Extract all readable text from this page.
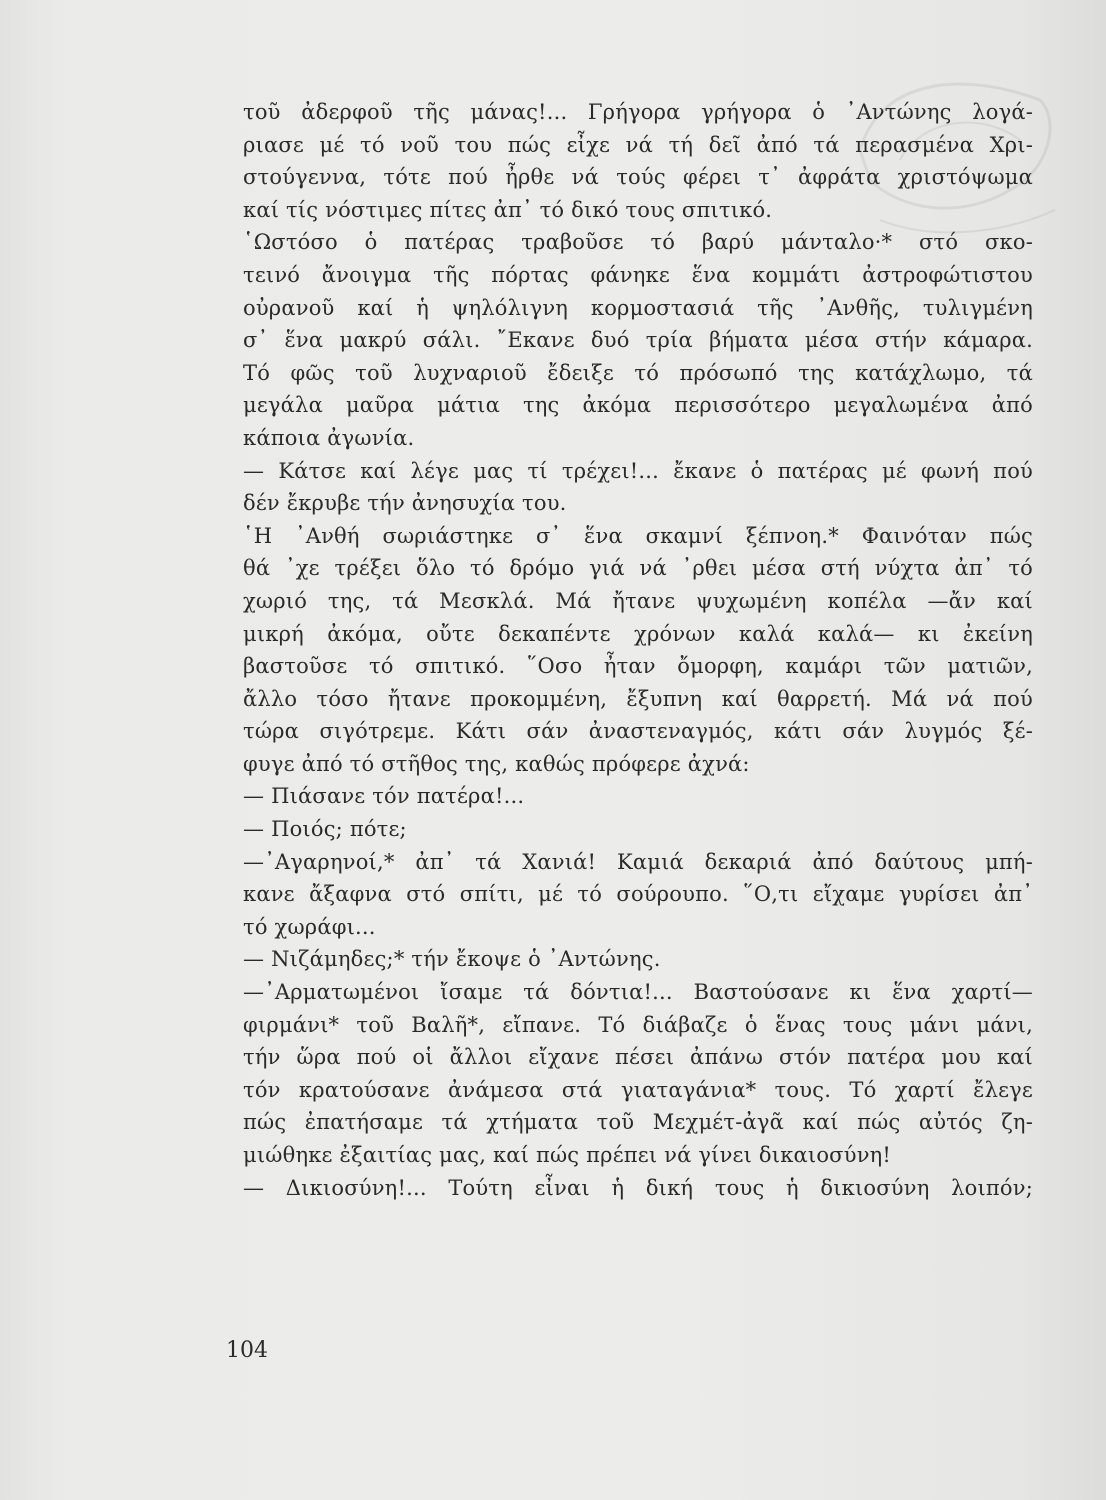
τοῦ ἀδερφοῦ τῆς μάνας!... Γρήγορα γρήγορα ὁ ᾿Αντώνης λογά-
ριασε μέ τό νοῦ του πώς εἶχε νά τή δεῖ ἀπό τά περασμένα Χρι-
στούγεννα, τότε πού ἦρθε νά τούς φέρει τ᾿ ἀφράτα χριστόψωμα
καί τίς νόστιμες πίτες ἀπ᾿ τό δικό τους σπιτικό.
῾Ωστόσο ὁ πατέρας τραβοῦσε τό βαρύ μάνταλο·* στό σκο-
τεινό ἄνοιγμα τῆς πόρτας φάνηκε ἕνα κομμάτι ἀστροφώτιστου
οὐρανοῦ καί ἡ ψηλόλιγνη κορμοστασιά τῆς ᾿Ανθῆς, τυλιγμένη
σ᾿ ἕνα μακρύ σάλι. ῎Εκανε δυό τρία βήματα μέσα στήν κάμαρα.
Τό φῶς τοῦ λυχναριοῦ ἔδειξε τό πρόσωπό της κατάχλωμο, τά
μεγάλα μαῦρα μάτια της ἀκόμα περισσότερο μεγαλωμένα ἀπό
κάποια ἀγωνία.
— Κάτσε καί λέγε μας τί τρέχει!... ἔκανε ὁ πατέρας μέ φωνή πού
δέν ἔκρυβε τήν ἀνησυχία του.
῾Η ᾿Ανθή σωριάστηκε σ᾿ ἕνα σκαμνί ξέπνοη.* Φαινόταν πώς
θά ᾿χε τρέξει ὅλο τό δρόμο γιά νά ᾿ρθει μέσα στή νύχτα ἀπ᾿ τό
χωριό της, τά Μεσκλά. Μά ἤτανε ψυχωμένη κοπέλα —ἄν καί
μικρή ἀκόμα, οὔτε δεκαπέντε χρόνων καλά καλά— κι ἐκείνη
βαστοῦσε τό σπιτικό. ῞Οσο ἦταν ὄμορφη, καμάρι τῶν ματιῶν,
ἄλλο τόσο ἤτανε προκομμένη, ἔξυπνη καί θαρρετή. Μά νά πού
τώρα σιγότρεμε. Κάτι σάν ἀναστεναγμός, κάτι σάν λυγμός ξέ-
φυγε ἀπό τό στῆθος της, καθώς πρόφερε ἀχνά:
— Πιάσανε τόν πατέρα!...
— Ποιός; πότε;
—᾿Αγαρηνοί,* ἀπ᾿ τά Χανιά! Καμιά δεκαριά ἀπό δαύτους μπή-
κανε ἄξαφνα στό σπίτι, μέ τό σούρουπο. ῞Ο,τι εἴχαμε γυρίσει ἀπ᾿
τό χωράφι...
— Νιζάμηδες;* τήν ἔκοψε ὁ ᾿Αντώνης.
—᾿Αρματωμένοι ἴσαμε τά δόντια!... Βαστούσανε κι ἕνα χαρτί—
φιρμάνι* τοῦ Βαλῆ*, εἴπανε. Τό διάβαζε ὁ ἕνας τους μάνι μάνι,
τήν ὥρα πού οἱ ἄλλοι εἴχανε πέσει ἀπάνω στόν πατέρα μου καί
τόν κρατούσανε ἀνάμεσα στά γιαταγάνια* τους. Τό χαρτί ἔλεγε
πώς ἐπατήσαμε τά χτήματα τοῦ Μεχμέτ-ἀγᾶ καί πώς αὐτός ζη-
μιώθηκε ἐξαιτίας μας, καί πώς πρέπει νά γίνει δικαιοσύνη!
— Δικιοσύνη!... Τούτη εἶναι ἡ δική τους ἡ δικιοσύνη λοιπόν;
104
